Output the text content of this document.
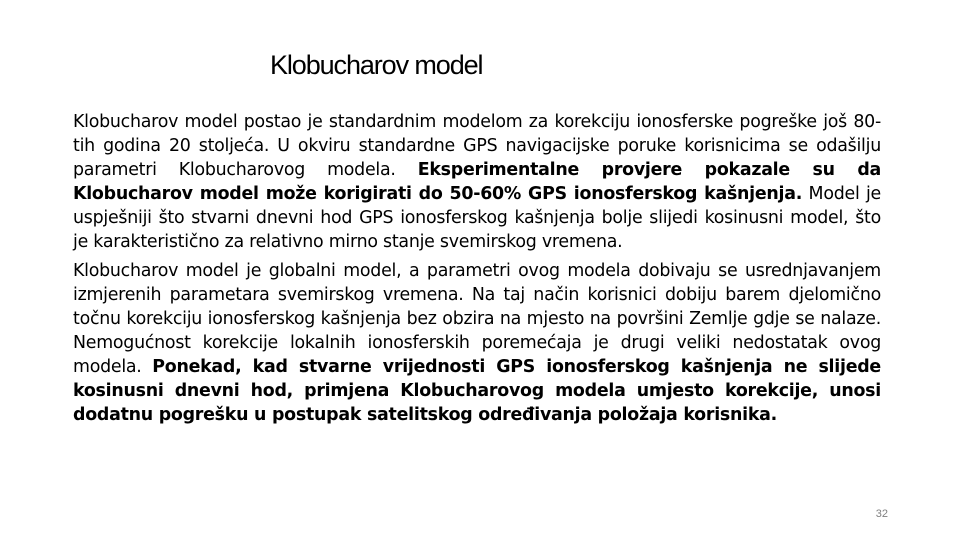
Klobucharov model

Klobucharov model postao je standardnim modelom za korekciju ionosferske pogreške još 80-tih godina 20 stoljeća. U okviru standardne GPS navigacijske poruke korisnicima se odašilju parametri Klobucharovog modela. Eksperimentalne provjere pokazale su da Klobucharov model može korigirati do 50-60% GPS ionosferskog kašnjenja. Model je uspješniji što stvarni dnevni hod GPS ionosferskog kašnjenja bolje slijedi kosinusni model, što je karakteristično za relativno mirno stanje svemirskog vremena.

Klobucharov model je globalni model, a parametri ovog modela dobivaju se usrednjavanjem izmjerenih parametara svemirskog vremena. Na taj način korisnici dobiju barem djelomično točnu korekciju ionosferskog kašnjenja bez obzira na mjesto na površini Zemlje gdje se nalaze. Nemogućnost korekcije lokalnih ionosferskih poremećaja je drugi veliki nedostatak ovog modela. Ponekad, kad stvarne vrijednosti GPS ionosferskog kašnjenja ne slijede kosinusni dnevni hod, primjena Klobucharovog modela umjesto korekcije, unosi dodatnu pogrešku u postupak satelitskog određivanja položaja korisnika.

32
